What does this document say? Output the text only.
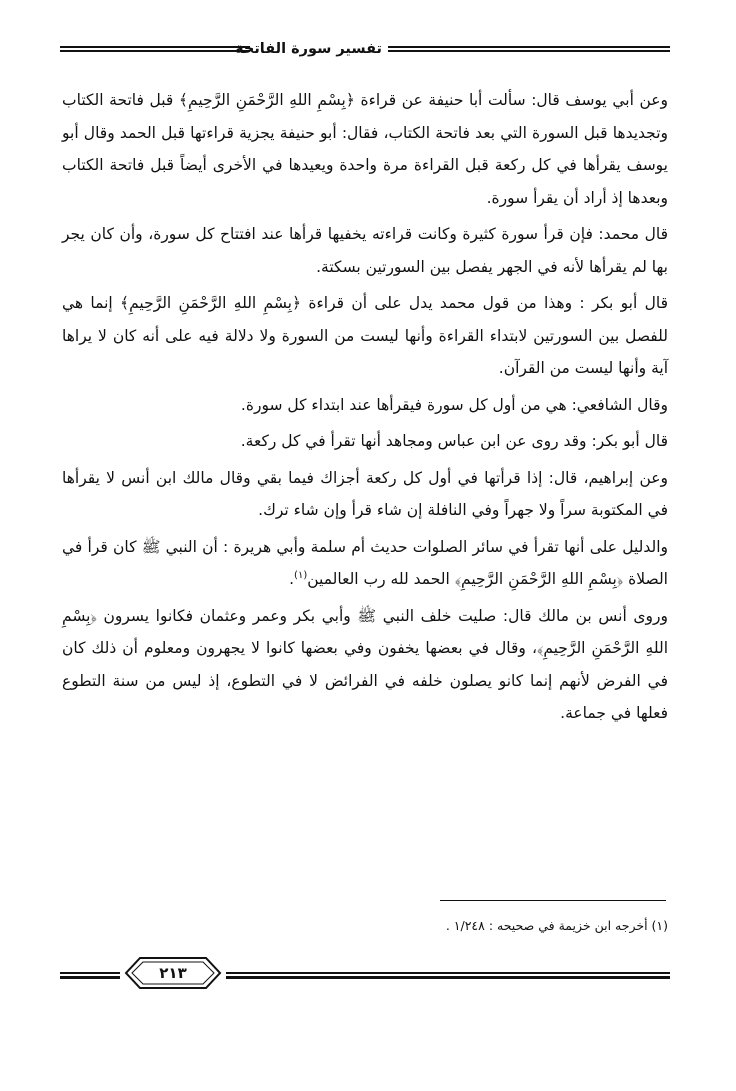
تفسير سورة الفاتحة

وعن أبي يوسف قال: سألت أبا حنيفة عن قراءة ﴿بِسْمِ اللهِ الرَّحْمَنِ الرَّحِيمِ﴾ قبل فاتحة الكتاب وتجديدها قبل السورة التي بعد فاتحة الكتاب، فقال: أبو حنيفة يجزية قراءتها قبل الحمد وقال أبو يوسف يقرأها في كل ركعة قبل القراءة مرة واحدة ويعيدها في الأخرى أيضاً قبل فاتحة الكتاب وبعدها إذ أراد أن يقرأ سورة.

قال محمد: فإن قرأ سورة كثيرة وكانت قراءته يخفيها قرأها عند افتتاح كل سورة، وأن كان يجر بها لم يقرأها لأنه في الجهر يفصل بين السورتين بسكتة.

قال أبو بكر : وهذا من قول محمد يدل على أن قراءة ﴿بِسْمِ اللهِ الرَّحْمَنِ الرَّحِيمِ﴾ إنما هي للفصل بين السورتين لابتداء القراءة وأنها ليست من السورة ولا دلالة فيه على أنه كان لا يراها آية وأنها ليست من القرآن.

وقال الشافعي: هي من أول كل سورة فيقرأها عند ابتداء كل سورة.

قال أبو بكر: وقد روى عن ابن عباس ومجاهد أنها تقرأ في كل ركعة.

وعن إبراهيم، قال: إذا قرأتها في أول كل ركعة أجزاك فيما بقي وقال مالك ابن أنس لا يقرأها في المكتوبة سراً ولا جهراً وفي النافلة إن شاء قرأ وإن شاء ترك.

والدليل على أنها تقرأ في سائر الصلوات حديث أم سلمة وأبي هريرة : أن النبي ﷺ كان قرأ في الصلاة ﴿بِسْمِ اللهِ الرَّحْمَنِ الرَّحِيمِ﴾ الحمد لله رب العالمين$^{(١)}$.

وروى أنس بن مالك قال: صليت خلف النبي ﷺ وأبي بكر وعمر وعثمان فكانوا يسرون ﴿بِسْمِ اللهِ الرَّحْمَنِ الرَّحِيمِ﴾، وقال في بعضها يخفون وفي بعضها كانوا لا يجهرون ومعلوم أن ذلك كان في الفرض لأنهم إنما كانو يصلون خلفه في الفرائض لا في التطوع، إذ ليس من سنة التطوع فعلها في جماعة.

(١) أخرجه ابن خزيمة في صحيحه : ١/٢٤٨ .
٢١٣
